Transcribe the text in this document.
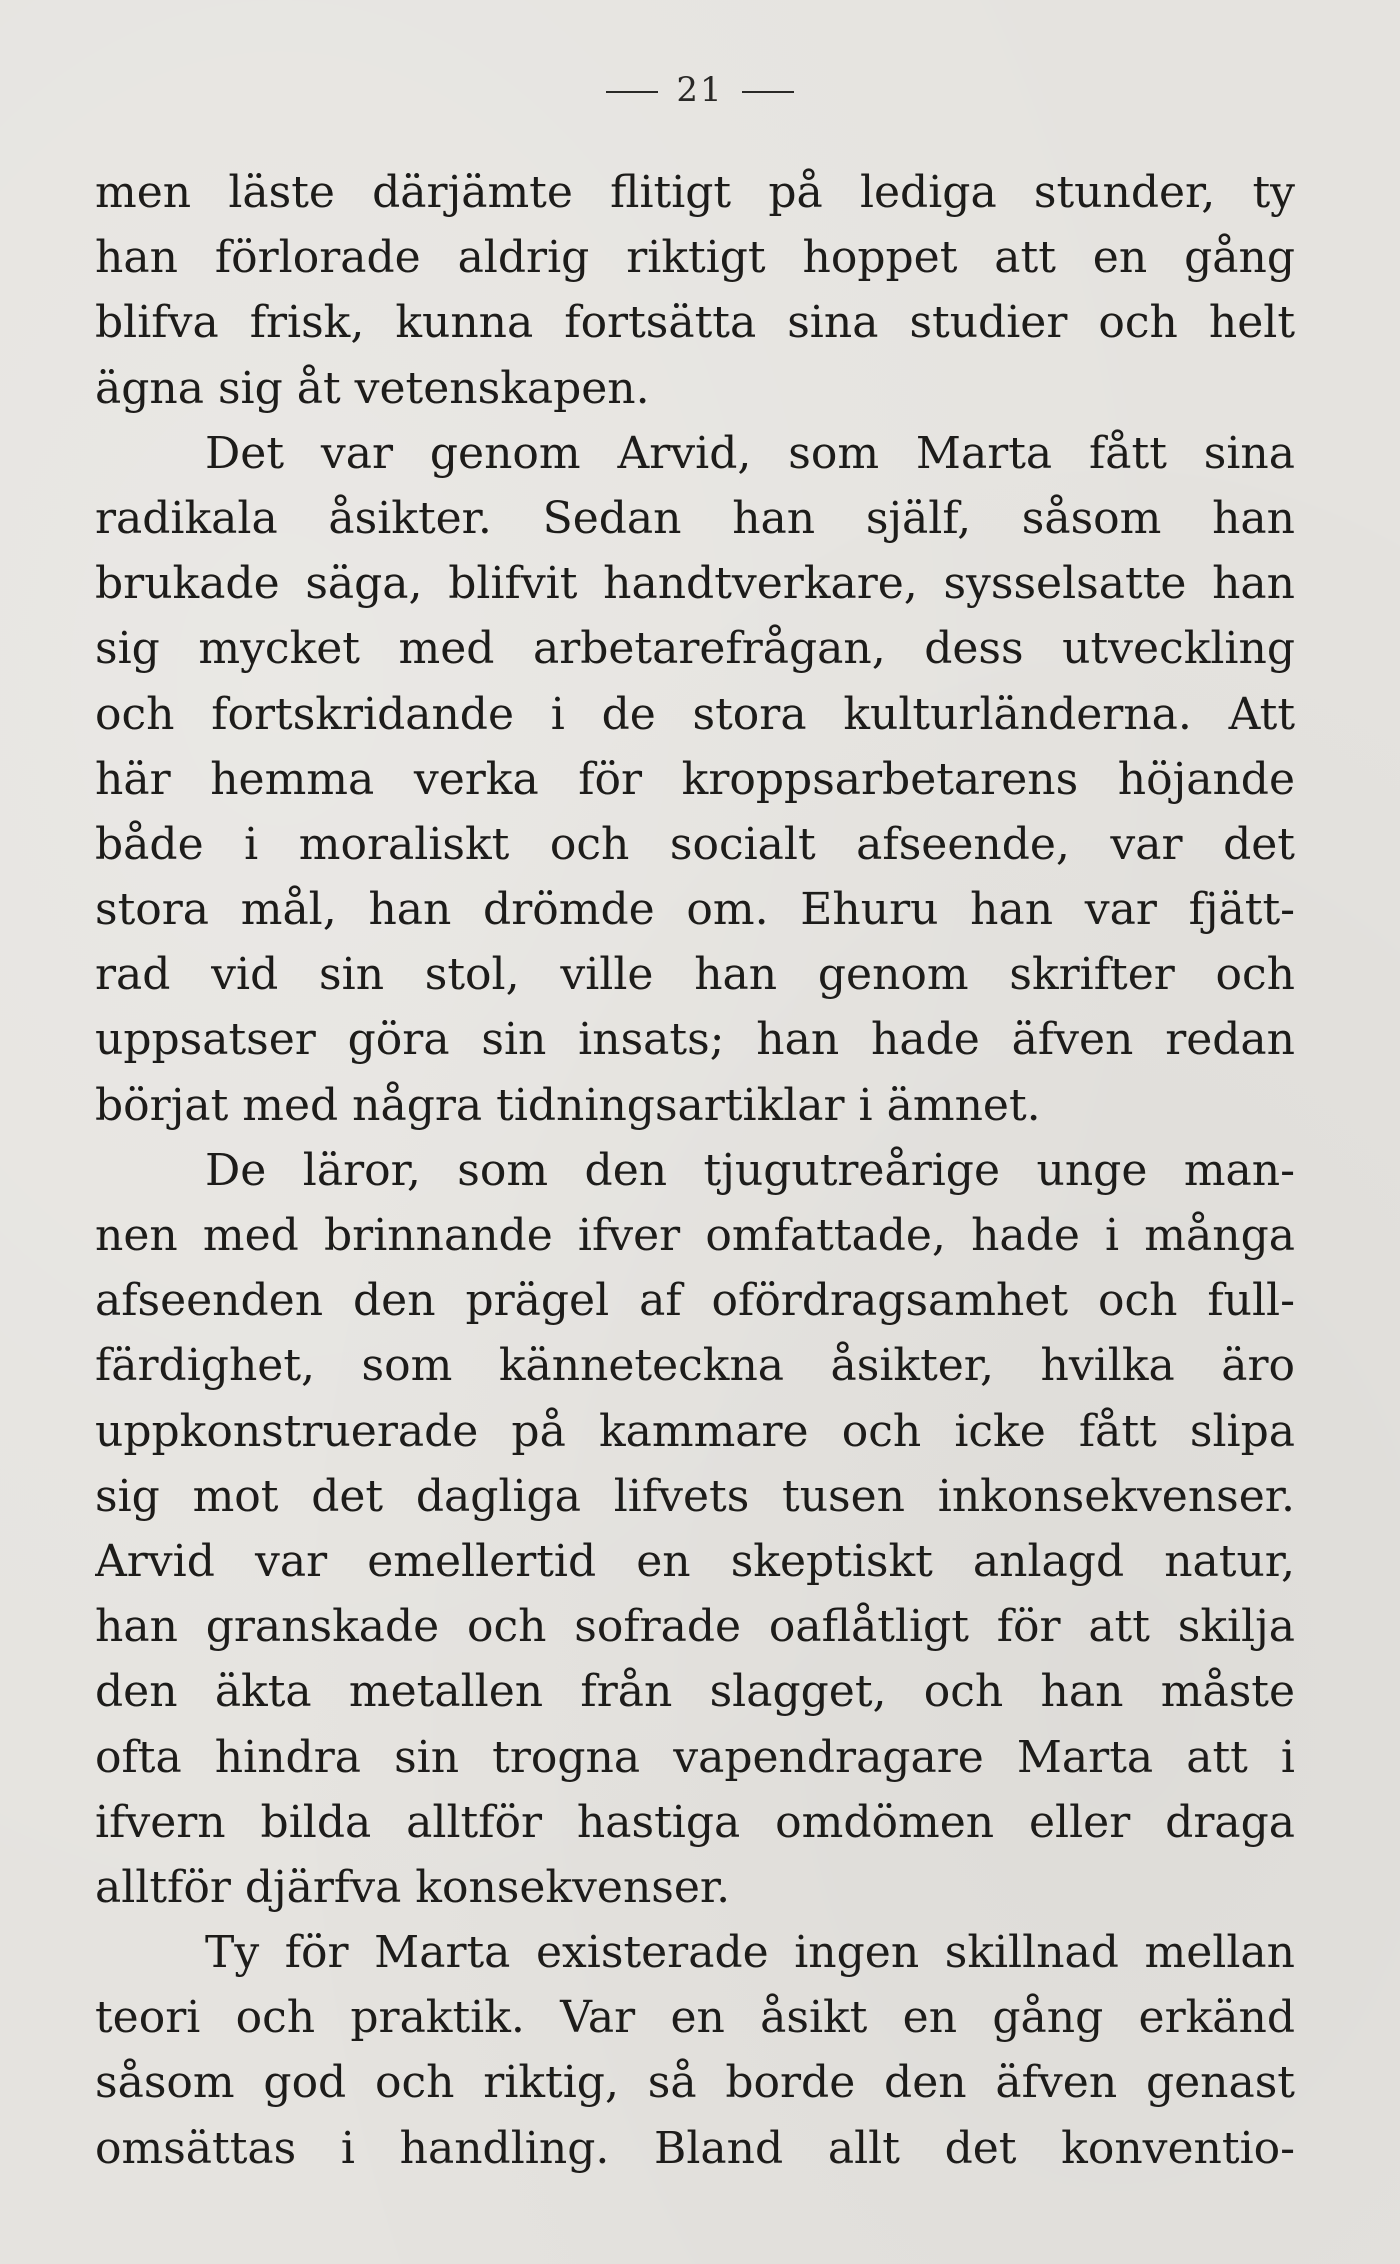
21
men läste därjämte flitigt på lediga stunder, ty
han förlorade aldrig riktigt hoppet att en gång
blifva frisk, kunna fortsätta sina studier och helt
ägna sig åt vetenskapen.
Det var genom Arvid, som Marta fått sina
radikala åsikter. Sedan han själf, såsom han
brukade säga, blifvit handtverkare, sysselsatte han
sig mycket med arbetarefrågan, dess utveckling
och fortskridande i de stora kulturländerna. Att
här hemma verka för kroppsarbetarens höjande
både i moraliskt och socialt afseende, var det
stora mål, han drömde om. Ehuru han var fjätt-
rad vid sin stol, ville han genom skrifter och
uppsatser göra sin insats; han hade äfven redan
börjat med några tidningsartiklar i ämnet.
De läror, som den tjugutreårige unge man-
nen med brinnande ifver omfattade, hade i många
afseenden den prägel af ofördragsamhet och full-
färdighet, som känneteckna åsikter, hvilka äro
uppkonstruerade på kammare och icke fått slipa
sig mot det dagliga lifvets tusen inkonsekvenser.
Arvid var emellertid en skeptiskt anlagd natur,
han granskade och sofrade oaflåtligt för att skilja
den äkta metallen från slagget, och han måste
ofta hindra sin trogna vapendragare Marta att i
ifvern bilda alltför hastiga omdömen eller draga
alltför djärfva konsekvenser.
Ty för Marta existerade ingen skillnad mellan
teori och praktik. Var en åsikt en gång erkänd
såsom god och riktig, så borde den äfven genast
omsättas i handling. Bland allt det konventio-
